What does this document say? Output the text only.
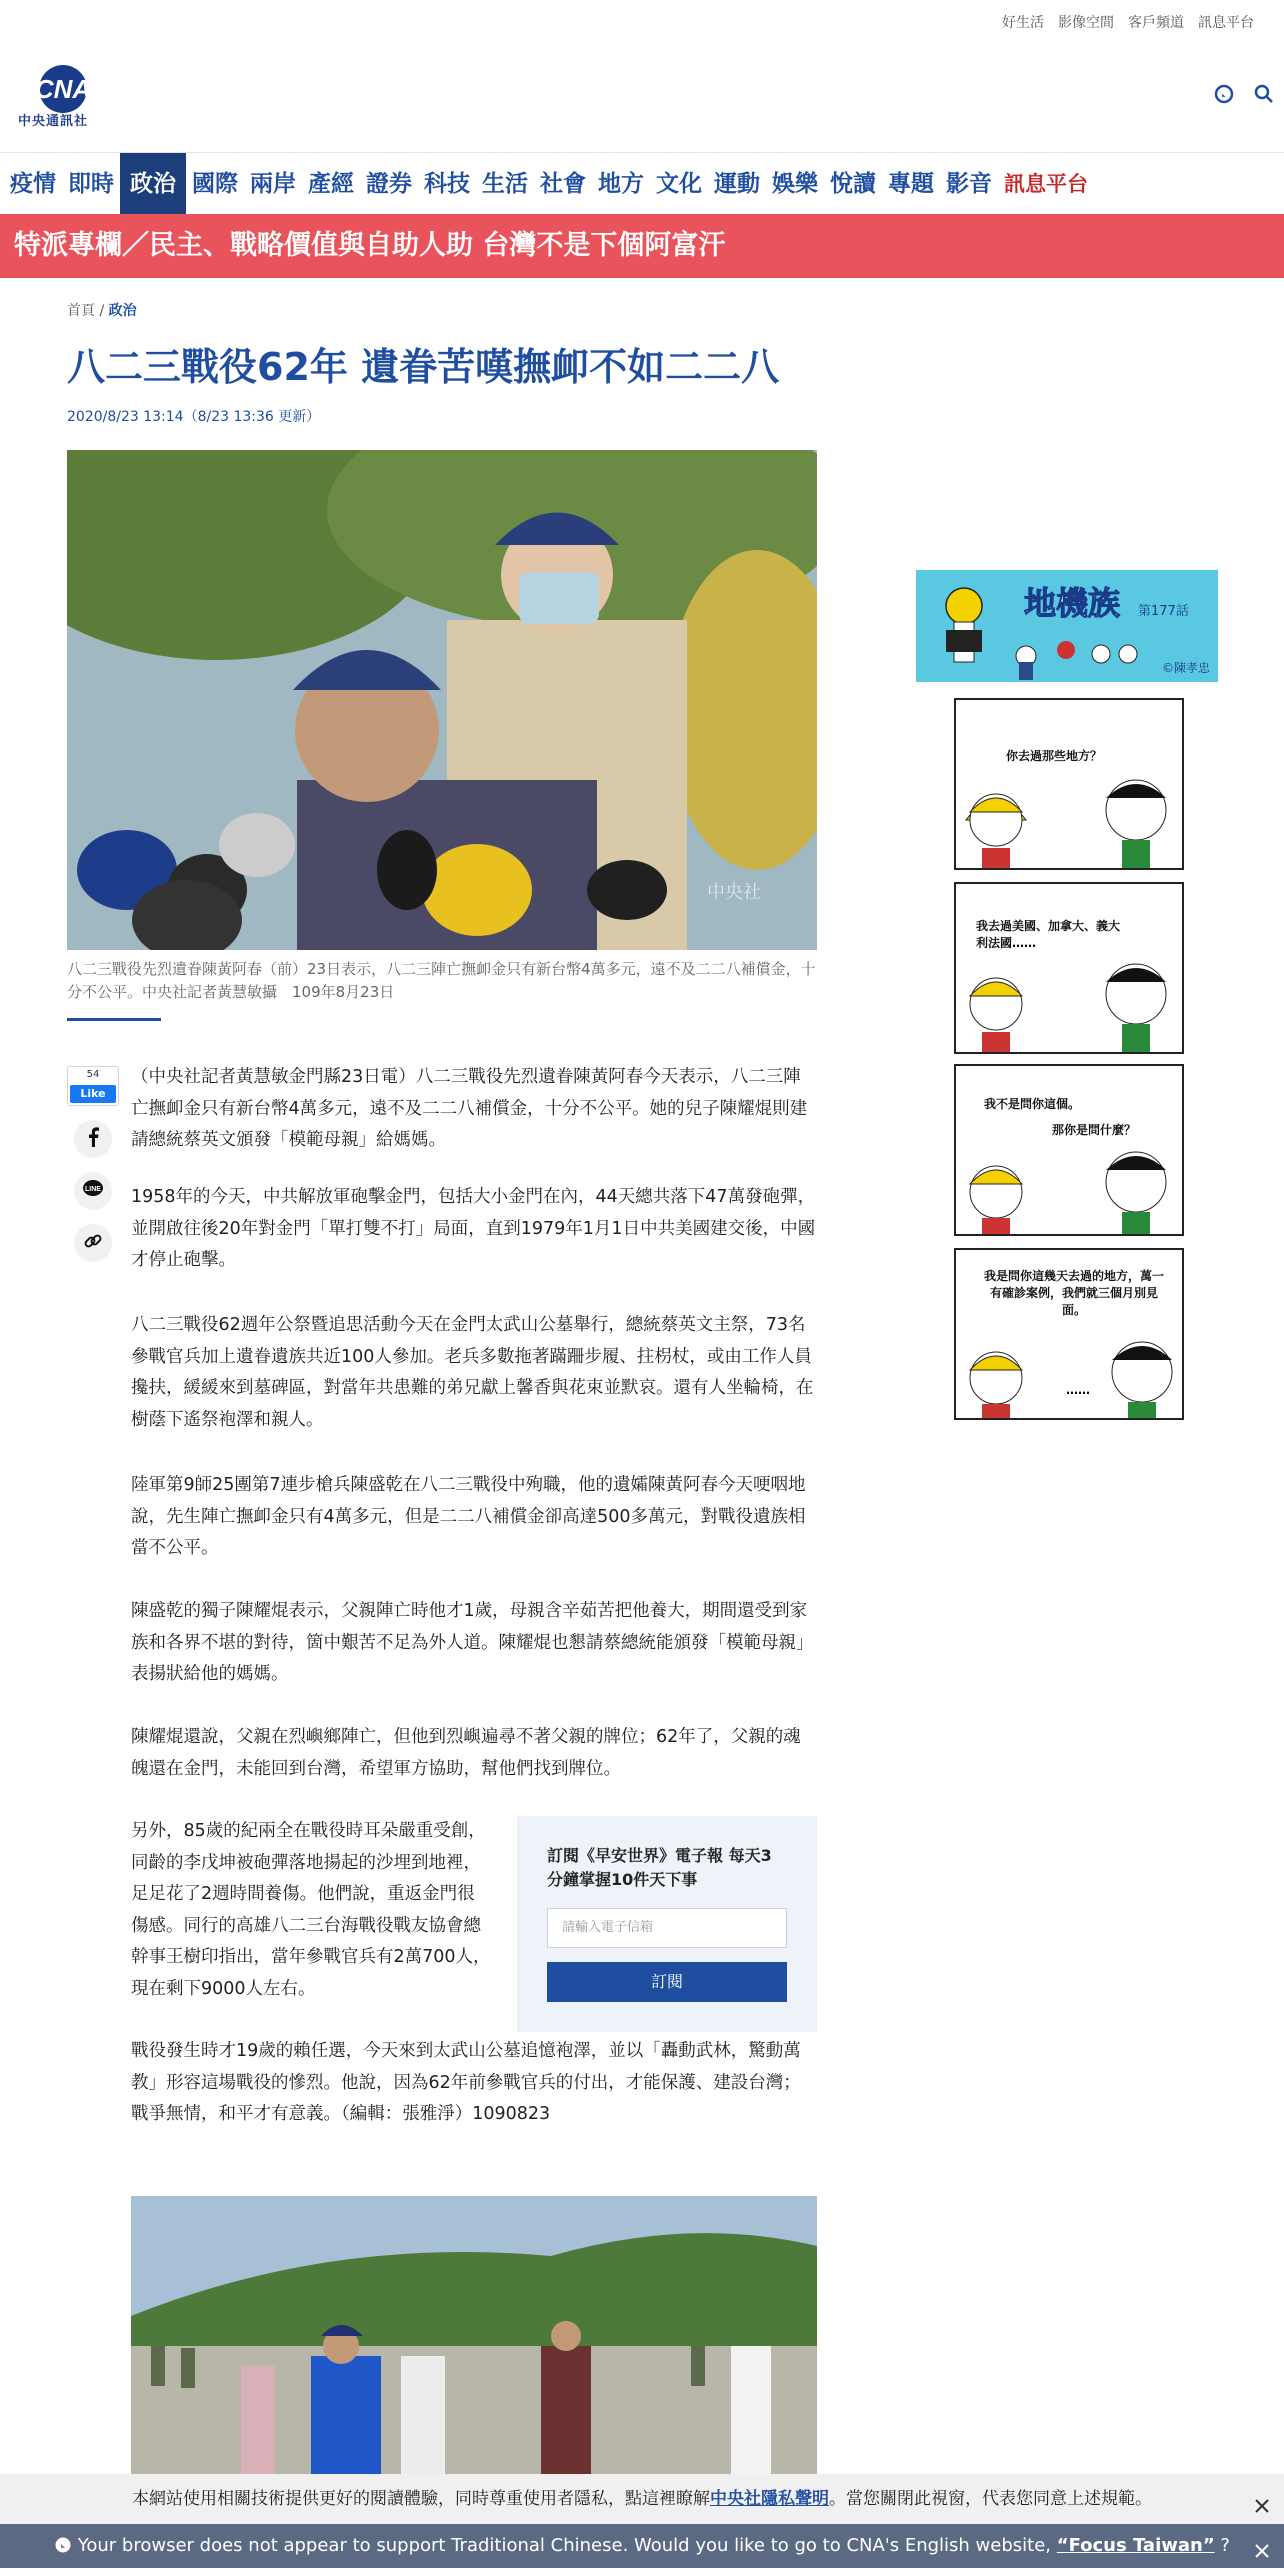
好生活 影像空間 客戶頻道 訊息平台
CNA
中央通訊社
疫情 即時 政治 國際 兩岸 產經 證券 科技 生活 社會 地方 文化 運動 娛樂 悅讀 專題 影音 訊息平台
特派專欄／民主、戰略價值與自助人助 台灣不是下個阿富汗
首頁 / 政治
八二三戰役62年 遺眷苦嘆撫卹不如二二八
2020/8/23 13:14（8/23 13:36 更新）
中央社
八二三戰役先烈遺眷陳黃阿春（前）23日表示，八二三陣亡撫卹金只有新台幣4萬多元，遠不及二二八補償金，十分不公平。中央社記者黃慧敏攝　109年8月23日
54
Like
LINE

（中央社記者黃慧敏金門縣23日電）八二三戰役先烈遺眷陳黃阿春今天表示，八二三陣亡撫卹金只有新台幣4萬多元，遠不及二二八補償金，十分不公平。她的兒子陳耀焜則建請總統蔡英文頒發「模範母親」給媽媽。

1958年的今天，中共解放軍砲擊金門，包括大小金門在內，44天總共落下47萬發砲彈，並開啟往後20年對金門「單打雙不打」局面，直到1979年1月1日中共美國建交後，中國才停止砲擊。

八二三戰役62週年公祭暨追思活動今天在金門太武山公墓舉行，總統蔡英文主祭，73名參戰官兵加上遺眷遺族共近100人參加。老兵多數拖著蹣跚步履、拄枴杖，或由工作人員攙扶，緩緩來到墓碑區，對當年共患難的弟兄獻上馨香與花束並默哀。還有人坐輪椅，在樹蔭下遙祭袍澤和親人。

陸軍第9師25團第7連步槍兵陳盛乾在八二三戰役中殉職，他的遺孀陳黃阿春今天哽咽地說，先生陣亡撫卹金只有4萬多元，但是二二八補償金卻高達500多萬元，對戰役遺族相當不公平。

陳盛乾的獨子陳耀焜表示，父親陣亡時他才1歲，母親含辛茹苦把他養大，期間還受到家族和各界不堪的對待，箇中艱苦不足為外人道。陳耀焜也懇請蔡總統能頒發「模範母親」表揚狀給他的媽媽。

陳耀焜還說，父親在烈嶼鄉陣亡，但他到烈嶼遍尋不著父親的牌位；62年了，父親的魂魄還在金門，未能回到台灣，希望軍方協助，幫他們找到牌位。

另外，85歲的紀兩全在戰役時耳朵嚴重受創，同齡的李戊坤被砲彈落地揚起的沙埋到地裡，足足花了2週時間養傷。他們說，重返金門很傷感。同行的高雄八二三台海戰役戰友協會總幹事王樹印指出，當年參戰官兵有2萬700人，現在剩下9000人左右。

戰役發生時才19歲的賴任選，今天來到太武山公墓追憶袍澤，並以「轟動武林，驚動萬教」形容這場戰役的慘烈。他說，因為62年前參戰官兵的付出，才能保護、建設台灣；戰爭無情，和平才有意義。（編輯：張雅淨）1090823

訂閱《早安世界》電子報 每天3分鐘掌握10件天下事
請輸入電子信箱
訂閱
地機族 第177話
©陳孝忠
你去過那些地方？
我去過美國、加拿大、義大利法國……
我不是問你這個。
那你是問什麼？
我是問你這幾天去過的地方，萬一有確診案例，我們就三個月別見面。
……
本網站使用相關技術提供更好的閱讀體驗，同時尊重使用者隱私，點這裡瞭解中央社隱私聲明。當您關閉此視窗，代表您同意上述規範。
Your browser does not appear to support Traditional Chinese. Would you like to go to CNA's English website, “Focus Taiwan” ?
